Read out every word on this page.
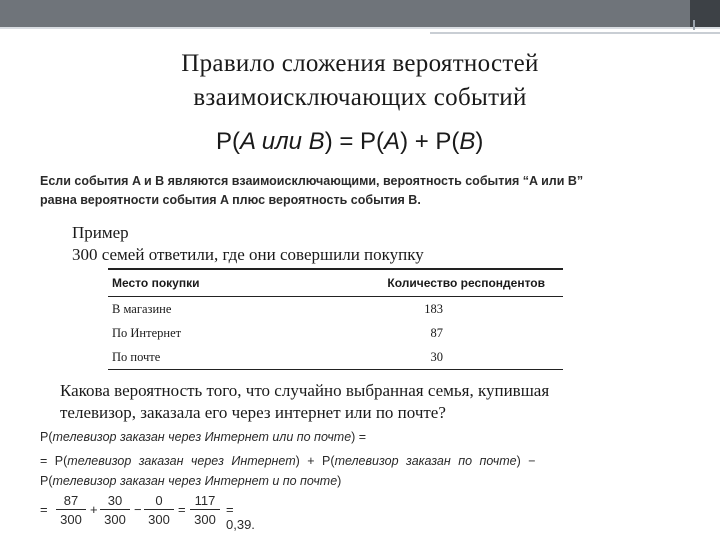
Правило сложения вероятностей
взаимоисключающих событий
P(A или B) = P(A) + P(B)
Если события A и B являются взаимоисключающими, вероятность события “A или B”
равна вероятности события A плюс вероятность события B.
Пример
300 семей ответили, где они совершили покупку
Место покупки	Количество респондентов
В магазине	183
По Интернет	87
По почте	30
Какова вероятность того, что случайно выбранная семья, купившая
телевизор, заказала его через интернет или по почте?
P(телевизор заказан через Интернет или по почте) =
= P(телевизор заказан через Интернет) + P(телевизор заказан по почте) −
P(телевизор заказан через Интернет и по почте)
= $\frac{87}{300} + \frac{30}{300} - \frac{0}{300} = \frac{117}{300} = 0,39$.
